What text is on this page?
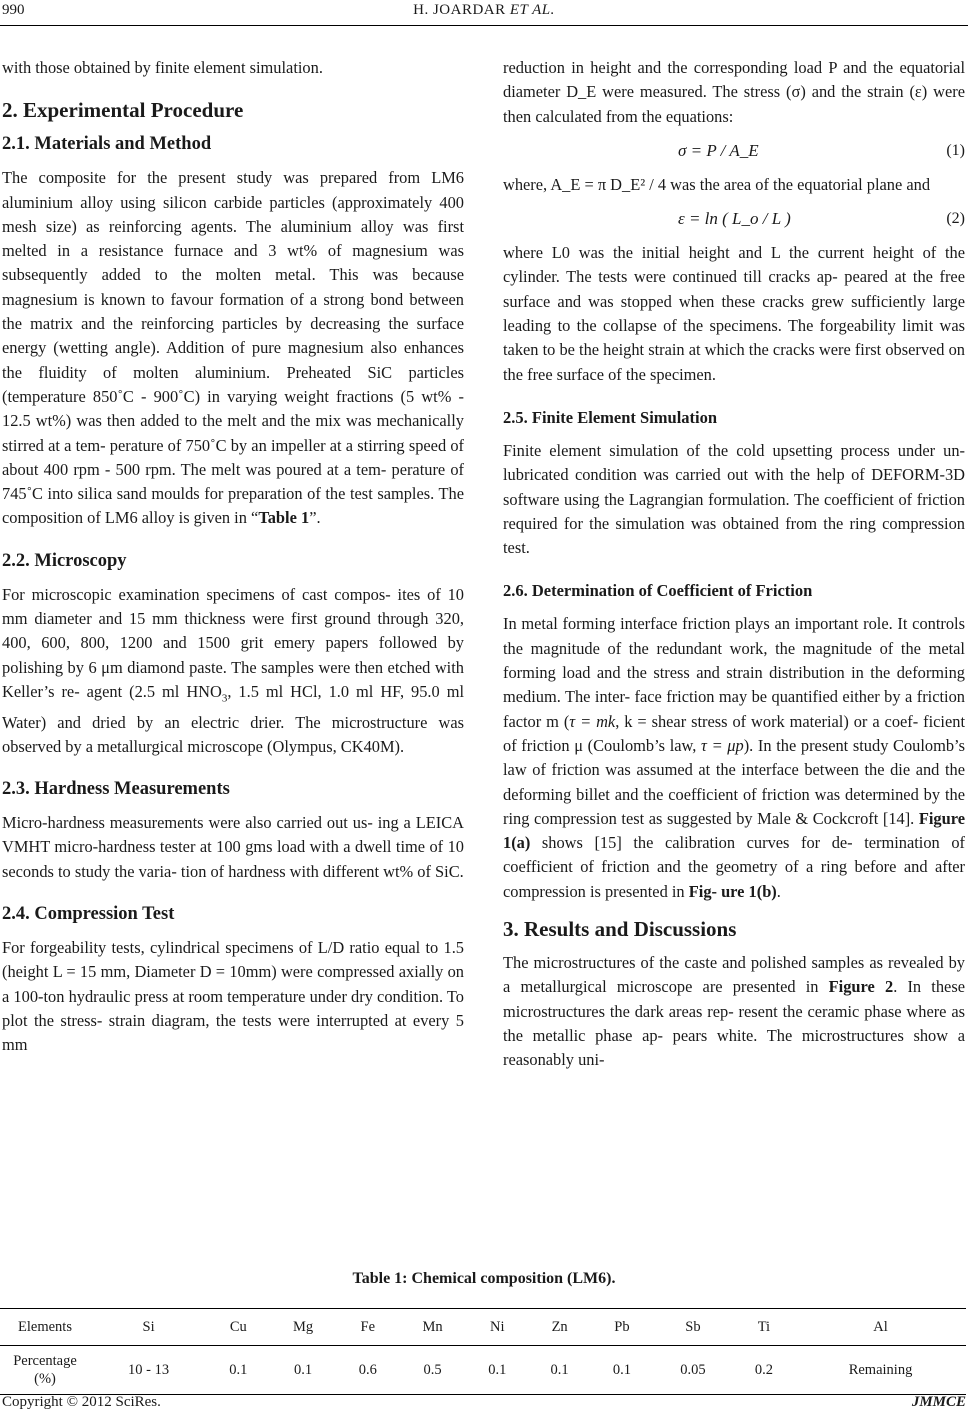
990	H. JOARDAR ET AL.

with those obtained by finite element simulation.

2. Experimental Procedure
2.1. Materials and Method

The composite for the present study was prepared from LM6 aluminium alloy using silicon carbide particles (approximately 400 mesh size) as reinforcing agents. The aluminium alloy was first melted in a resistance furnace and 3 wt% of magnesium was subsequently added to the molten metal. This was because magnesium is known to favour formation of a strong bond between the matrix and the reinforcing particles by decreasing the surface energy (wetting angle). Addition of pure magnesium also enhances the fluidity of molten aluminium. Preheated SiC particles (temperature 850˚C - 900˚C) in varying weight fractions (5 wt% - 12.5 wt%) was then added to the melt and the mix was mechanically stirred at a tem- perature of 750˚C by an impeller at a stirring speed of about 400 rpm - 500 rpm. The melt was poured at a tem- perature of 745˚C into silica sand moulds for preparation of the test samples. The composition of LM6 alloy is given in “Table 1”.

2.2. Microscopy

For microscopic examination specimens of cast compos- ites of 10 mm diameter and 15 mm thickness were first ground through 320, 400, 600, 800, 1200 and 1500 grit emery papers followed by polishing by 6 μm diamond paste. The samples were then etched with Keller’s re- agent (2.5 ml $HNO_3$, 1.5 ml HCl, 1.0 ml HF, 95.0 ml Water) and dried by an electric drier. The microstructure was observed by a metallurgical microscope (Olympus, CK40M).

2.3. Hardness Measurements

Micro-hardness measurements were also carried out us- ing a LEICA VMHT micro-hardness tester at 100 gms load with a dwell time of 10 seconds to study the varia- tion of hardness with different wt% of SiC.

2.4. Compression Test

For forgeability tests, cylindrical specimens of L/D ratio equal to 1.5 (height L = 15 mm, Diameter D = 10mm) were compressed axially on a 100-ton hydraulic press at room temperature under dry condition. To plot the stress- strain diagram, the tests were interrupted at every 5 mm

reduction in height and the corresponding load P and the equatorial diameter D_E were measured. The stress (σ) and the strain (ε) were then calculated from the equations:

σ = P / A_E	(1)

where, A_E = π D_E² / 4 was the area of the equatorial plane and

ε = ln ( L_o / L )	(2)

where L0 was the initial height and L the current height of the cylinder. The tests were continued till cracks ap- peared at the free surface and was stopped when these cracks grew sufficiently large leading to the collapse of the specimens. The forgeability limit was taken to be the height strain at which the cracks were first observed on the free surface of the specimen.

2.5. Finite Element Simulation

Finite element simulation of the cold upsetting process under un-lubricated condition was carried out with the help of DEFORM-3D software using the Lagrangian formulation. The coefficient of friction required for the simulation was obtained from the ring compression test.

2.6. Determination of Coefficient of Friction

In metal forming interface friction plays an important role. It controls the magnitude of the redundant work, the magnitude of the metal forming load and the stress and strain distribution in the deforming medium. The inter- face friction may be quantified either by a friction factor m (τ = mk, k = shear stress of work material) or a coef- ficient of friction μ (Coulomb’s law, τ = μp). In the present study Coulomb’s law of friction was assumed at the interface between the die and the deforming billet and the coefficient of friction was determined by the ring compression test as suggested by Male & Cockcroft [14]. Figure 1(a) shows [15] the calibration curves for de- termination of coefficient of friction and the geometry of a ring before and after compression is presented in Fig- ure 1(b).

3. Results and Discussions

The microstructures of the caste and polished samples as revealed by a metallurgical microscope are presented in Figure 2. In these microstructures the dark areas rep- resent the ceramic phase where as the metallic phase ap- pears white. The microstructures show a reasonably uni-

Table 1: Chemical composition (LM6).
Elements	Si	Cu	Mg	Fe	Mn	Ni	Zn	Pb	Sb	Ti	Al
Percentage (%)	10 - 13	0.1	0.1	0.6	0.5	0.1	0.1	0.1	0.05	0.2	Remaining
Copyright © 2012 SciRes.	JMMCE
